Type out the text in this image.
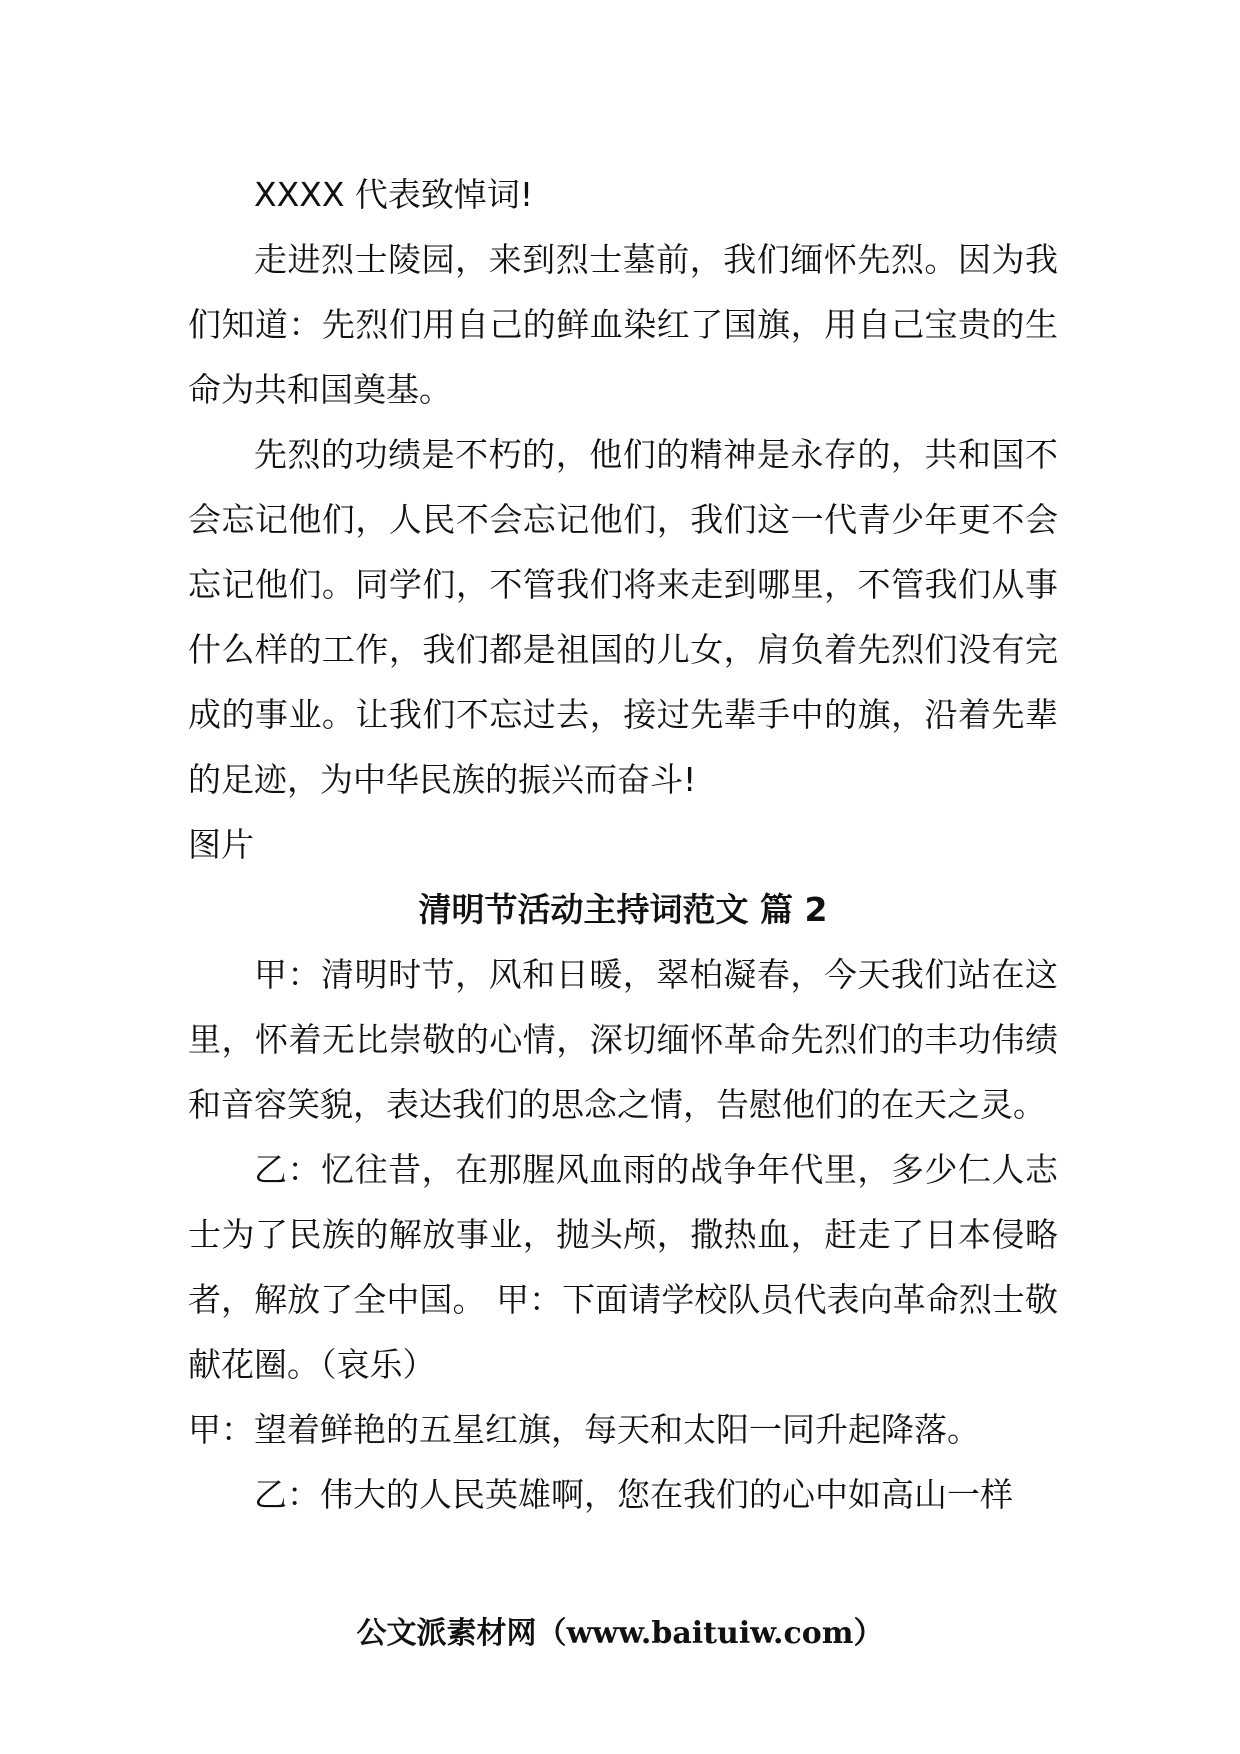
XXXX 代表致悼词!

走进烈士陵园，来到烈士墓前，我们缅怀先烈。因为我们知道：先烈们用自己的鲜血染红了国旗，用自己宝贵的生命为共和国奠基。

先烈的功绩是不朽的，他们的精神是永存的，共和国不会忘记他们，人民不会忘记他们，我们这一代青少年更不会忘记他们。同学们，不管我们将来走到哪里，不管我们从事什么样的工作，我们都是祖国的儿女，肩负着先烈们没有完成的事业。让我们不忘过去，接过先辈手中的旗，沿着先辈的足迹，为中华民族的振兴而奋斗!

图片

清明节活动主持词范文 篇 2

甲：清明时节，风和日暖，翠柏凝春，今天我们站在这里，怀着无比崇敬的心情，深切缅怀革命先烈们的丰功伟绩和音容笑貌，表达我们的思念之情，告慰他们的在天之灵。

乙：忆往昔，在那腥风血雨的战争年代里，多少仁人志士为了民族的解放事业，抛头颅，撒热血，赶走了日本侵略者，解放了全中国。 甲：下面请学校队员代表向革命烈士敬献花圈。（哀乐）

甲：望着鲜艳的五星红旗，每天和太阳一同升起降落。

乙：伟大的人民英雄啊，您在我们的心中如高山一样

公文派素材网（www.baituiw.com）
